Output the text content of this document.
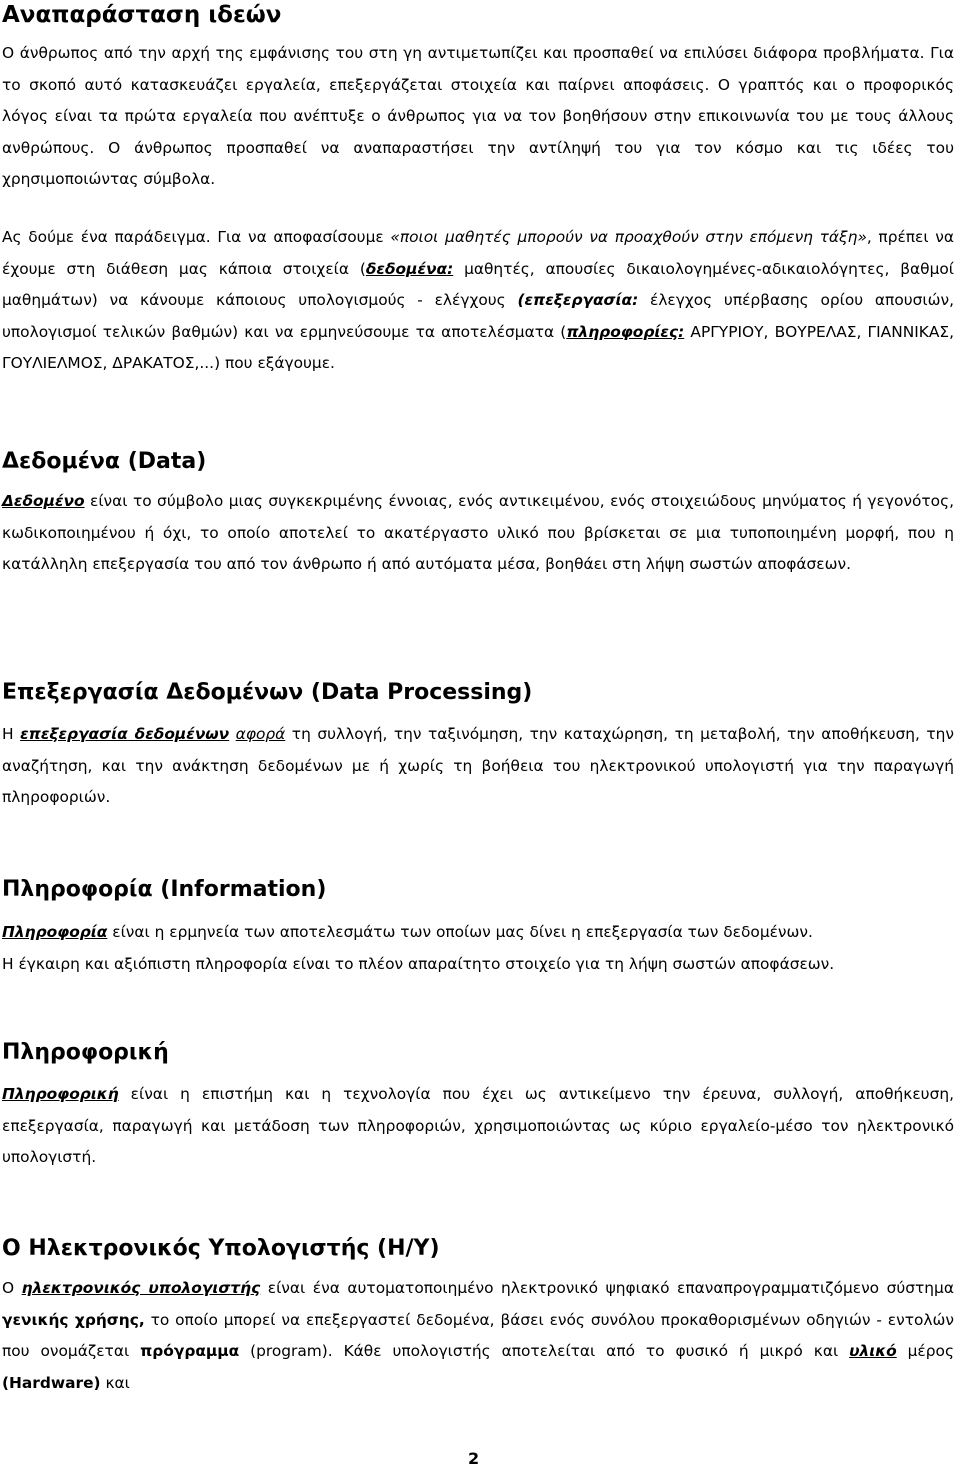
Αναπαράσταση ιδεών

Ο άνθρωπος από την αρχή της εμφάνισης του στη γη αντιμετωπίζει και προσπαθεί να επιλύσει διάφορα προβλήματα. Για το σκοπό αυτό κατασκευάζει εργαλεία, επεξεργάζεται στοιχεία και παίρνει αποφάσεις. Ο γραπτός και ο προφορικός λόγος είναι τα πρώτα εργαλεία που ανέπτυξε ο άνθρωπος για να τον βοηθήσουν στην επικοινωνία του με τους άλλους ανθρώπους. Ο άνθρωπος προσπαθεί να αναπαραστήσει την αντίληψή του για τον κόσμο και τις ιδέες του χρησιμοποιώντας σύμβολα.

Ας δούμε ένα παράδειγμα. Για να αποφασίσουμε «ποιοι μαθητές μπορούν να προαχθούν στην επόμενη τάξη», πρέπει να έχουμε στη διάθεση μας κάποια στοιχεία (δεδομένα: μαθητές, απουσίες δικαιολογημένες-αδικαιολόγητες, βαθμοί μαθημάτων) να κάνουμε κάποιους υπολογισμούς - ελέγχους (επεξεργασία: έλεγχος υπέρβασης ορίου απουσιών, υπολογισμοί τελικών βαθμών) και να ερμηνεύσουμε τα αποτελέσματα (πληροφορίες: ΑΡΓΥΡΙΟΥ, ΒΟΥΡΕΛΑΣ, ΓΙΑΝΝΙΚΑΣ, ΓΟΥΛΙΕΛΜΟΣ, ΔΡΑΚΑΤΟΣ,...) που εξάγουμε.

Δεδομένα (Data)

Δεδομένο είναι το σύμβολο μιας συγκεκριμένης έννοιας, ενός αντικειμένου, ενός στοιχειώδους μηνύματος ή γεγονότος, κωδικοποιημένου ή όχι, το οποίο αποτελεί το ακατέργαστο υλικό που βρίσκεται σε μια τυποποιημένη μορφή, που η κατάλληλη επεξεργασία του από τον άνθρωπο ή από αυτόματα μέσα, βοηθάει στη λήψη σωστών αποφάσεων.

Επεξεργασία Δεδομένων (Data Processing)

Η επεξεργασία δεδομένων αφορά τη συλλογή, την ταξινόμηση, την καταχώρηση, τη μεταβολή, την αποθήκευση, την αναζήτηση, και την ανάκτηση δεδομένων με ή χωρίς τη βοήθεια του ηλεκτρονικού υπολογιστή για την παραγωγή πληροφοριών.

Πληροφορία (Information)

Πληροφορία είναι η ερμηνεία των αποτελεσμάτω των οποίων μας δίνει η επεξεργασία των δεδομένων.
Η έγκαιρη και αξιόπιστη πληροφορία είναι το πλέον απαραίτητο στοιχείο για τη λήψη σωστών αποφάσεων.

Πληροφορική

Πληροφορική είναι η επιστήμη και η τεχνολογία που έχει ως αντικείμενο την έρευνα, συλλογή, αποθήκευση, επεξεργασία, παραγωγή και μετάδοση των πληροφοριών, χρησιμοποιώντας ως κύριο εργαλείο-μέσο τον ηλεκτρονικό υπολογιστή.

Ο Ηλεκτρονικός Υπολογιστής (Η/Υ)

Ο ηλεκτρονικός υπολογιστής είναι ένα αυτοματοποιημένο ηλεκτρονικό ψηφιακό επαναπρογραμματιζόμενο σύστημα γενικής χρήσης, το οποίο μπορεί να επεξεργαστεί δεδομένα, βάσει ενός συνόλου προκαθορισμένων οδηγιών - εντολών που ονομάζεται πρόγραμμα (program). Κάθε υπολογιστής αποτελείται από το φυσικό ή μικρό και υλικό μέρος (Hardware) και

2
